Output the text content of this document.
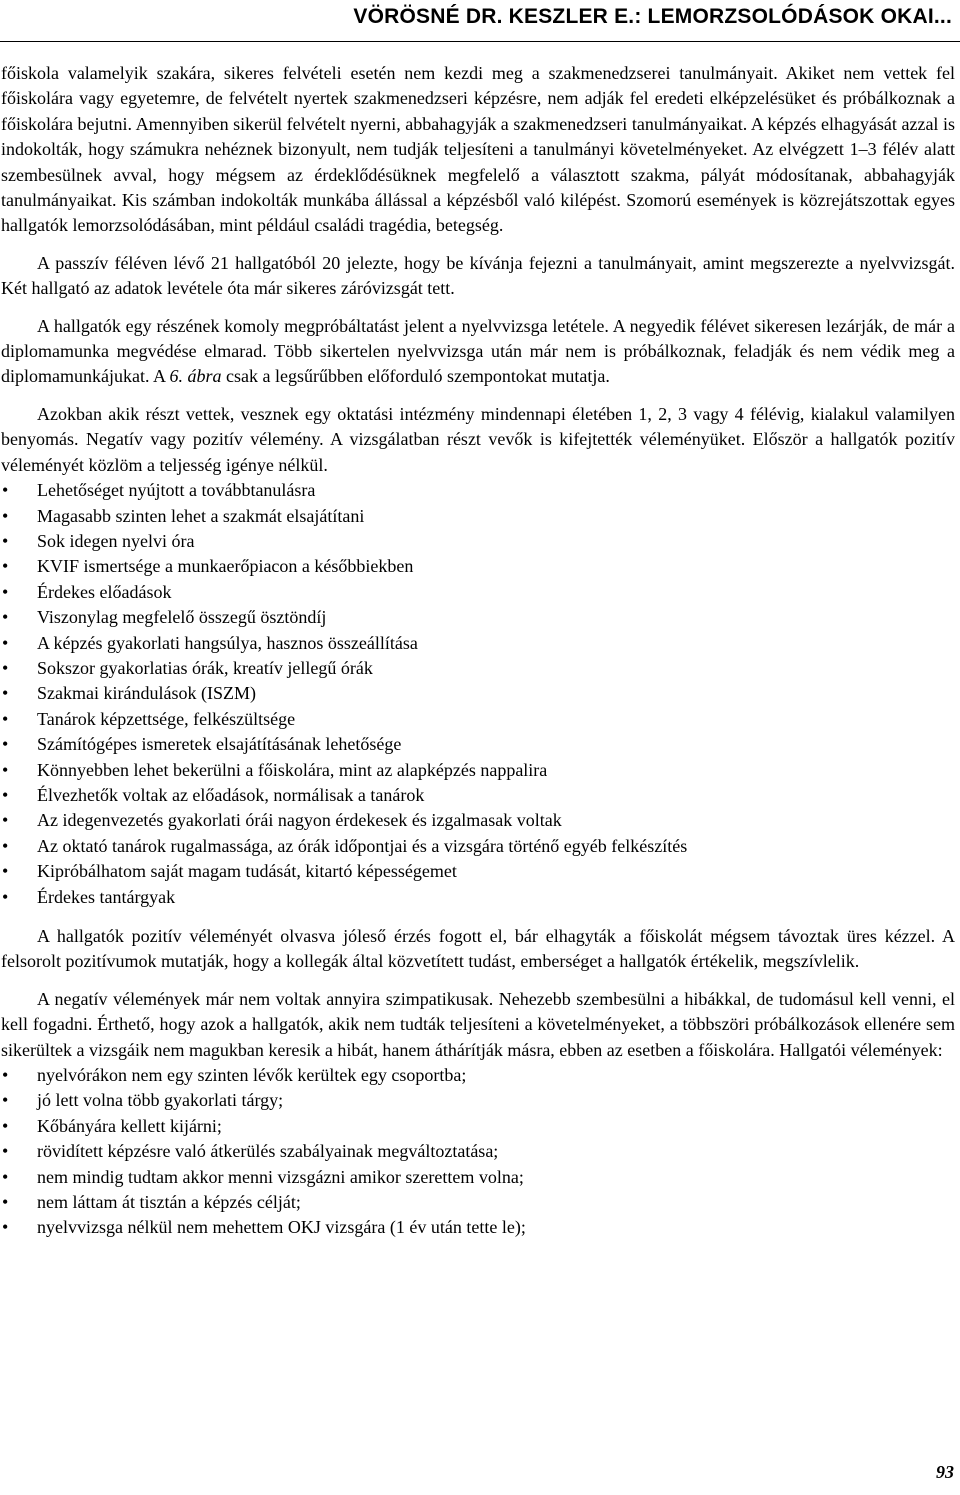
VÖRÖSNÉ DR. KESZLER E.: LEMORZSOLÓDÁSOK OKAI...

főiskola valamelyik szakára, sikeres felvételi esetén nem kezdi meg a szakmenedzserei tanulmányait. Akiket nem vettek fel főiskolára vagy egyetemre, de felvételt nyertek szakmenedzseri képzésre, nem adják fel eredeti elképzelésüket és próbálkoznak a főiskolára bejutni. Amennyiben sikerül felvételt nyerni, abbahagyják a szakmenedzseri tanulmányaikat. A képzés elhagyását azzal is indokolták, hogy számukra nehéznek bizonyult, nem tudják teljesíteni a tanulmányi követelményeket. Az elvégzett 1–3 félév alatt szembesülnek avval, hogy mégsem az érdeklődésüknek megfelelő a választott szakma, pályát módosítanak, abbahagyják tanulmányaikat. Kis számban indokolták munkába állással a képzésből való kilépést. Szomorú események is közrejátszottak egyes hallgatók lemorzsolódásában, mint például családi tragédia, betegség.

A passzív féléven lévő 21 hallgatóból 20 jelezte, hogy be kívánja fejezni a tanulmányait, amint megszerezte a nyelvvizsgát. Két hallgató az adatok levétele óta már sikeres záróvizsgát tett.

A hallgatók egy részének komoly megpróbáltatást jelent a nyelvvizsga letétele. A negyedik félévet sikeresen lezárják, de már a diplomamunka megvédése elmarad. Több sikertelen nyelvvizsga után már nem is próbálkoznak, feladják és nem védik meg a diplomamunkájukat. A 6. ábra csak a legsűrűbben előforduló szempontokat mutatja.

Azokban akik részt vettek, vesznek egy oktatási intézmény mindennapi életében 1, 2, 3 vagy 4 félévig, kialakul valamilyen benyomás. Negatív vagy pozitív vélemény. A vizsgálatban részt vevők is kifejtették véleményüket. Először a hallgatók pozitív véleményét közlöm a teljesség igénye nélkül.

• Lehetőséget nyújtott a továbbtanulásra
• Magasabb szinten lehet a szakmát elsajátítani
• Sok idegen nyelvi óra
• KVIF ismertsége a munkaerőpiacon a későbbiekben
• Érdekes előadások
• Viszonylag megfelelő összegű ösztöndíj
• A képzés gyakorlati hangsúlya, hasznos összeállítása
• Sokszor gyakorlatias órák, kreatív jellegű órák
• Szakmai kirándulások (ISZM)
• Tanárok képzettsége, felkészültsége
• Számítógépes ismeretek elsajátításának lehetősége
• Könnyebben lehet bekerülni a főiskolára, mint az alapképzés nappalira
• Élvezhetők voltak az előadások, normálisak a tanárok
• Az idegenvezetés gyakorlati órái nagyon érdekesek és izgalmasak voltak
• Az oktató tanárok rugalmassága, az órák időpontjai és a vizsgára történő egyéb felkészítés
• Kipróbálhatom saját magam tudását, kitartó képességemet
• Érdekes tantárgyak

A hallgatók pozitív véleményét olvasva jóleső érzés fogott el, bár elhagyták a főiskolát mégsem távoztak üres kézzel. A felsorolt pozitívumok mutatják, hogy a kollegák által közvetített tudást, emberséget a hallgatók értékelik, megszívlelik.

A negatív vélemények már nem voltak annyira szimpatikusak. Nehezebb szembesülni a hibákkal, de tudomásul kell venni, el kell fogadni. Érthető, hogy azok a hallgatók, akik nem tudták teljesíteni a követelményeket, a többszöri próbálkozások ellenére sem sikerültek a vizsgáik nem magukban keresik a hibát, hanem áthárítják másra, ebben az esetben a főiskolára. Hallgatói vélemények:

• nyelvórákon nem egy szinten lévők kerültek egy csoportba;
• jó lett volna több gyakorlati tárgy;
• Kőbányára kellett kijárni;
• rövidített képzésre való átkerülés szabályainak megváltoztatása;
• nem mindig tudtam akkor menni vizsgázni amikor szerettem volna;
• nem láttam át tisztán a képzés célját;
• nyelvvizsga nélkül nem mehettem OKJ vizsgára (1 év után tette le);
93
